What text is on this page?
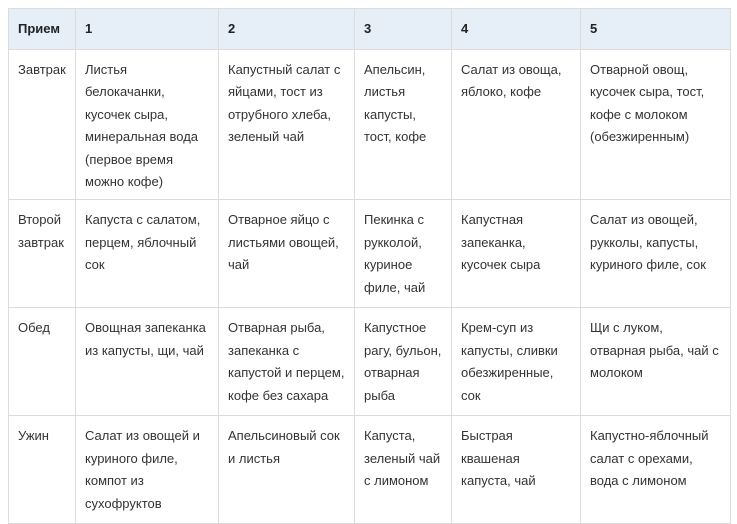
Прием	1	2	3	4	5
Завтрак	Листья белокачанки, кусочек сыра, минеральная вода (первое время можно кофе)	Капустный салат с яйцами, тост из отрубного хлеба, зеленый чай	Апельсин, листья капусты, тост, кофе	Салат из овоща, яблоко, кофе	Отварной овощ, кусочек сыра, тост, кофе с молоком (обезжиренным)
Второй завтрак	Капуста с салатом, перцем, яблочный сок	Отварное яйцо с листьями овощей, чай	Пекинка с рукколой, куриное филе, чай	Капустная запеканка, кусочек сыра	Салат из овощей, рукколы, капусты, куриного филе, сок
Обед	Овощная запеканка из капусты, щи, чай	Отварная рыба, запеканка с капустой и перцем, кофе без сахара	Капустное рагу, бульон, отварная рыба	Крем-суп из капусты, сливки обезжиренные, сок	Щи с луком, отварная рыба, чай с молоком
Ужин	Салат из овощей и куриного филе, компот из сухофруктов	Апельсиновый сок и листья	Капуста, зеленый чай с лимоном	Быстрая квашеная капуста, чай	Капустно-яблочный салат с орехами, вода с лимоном
